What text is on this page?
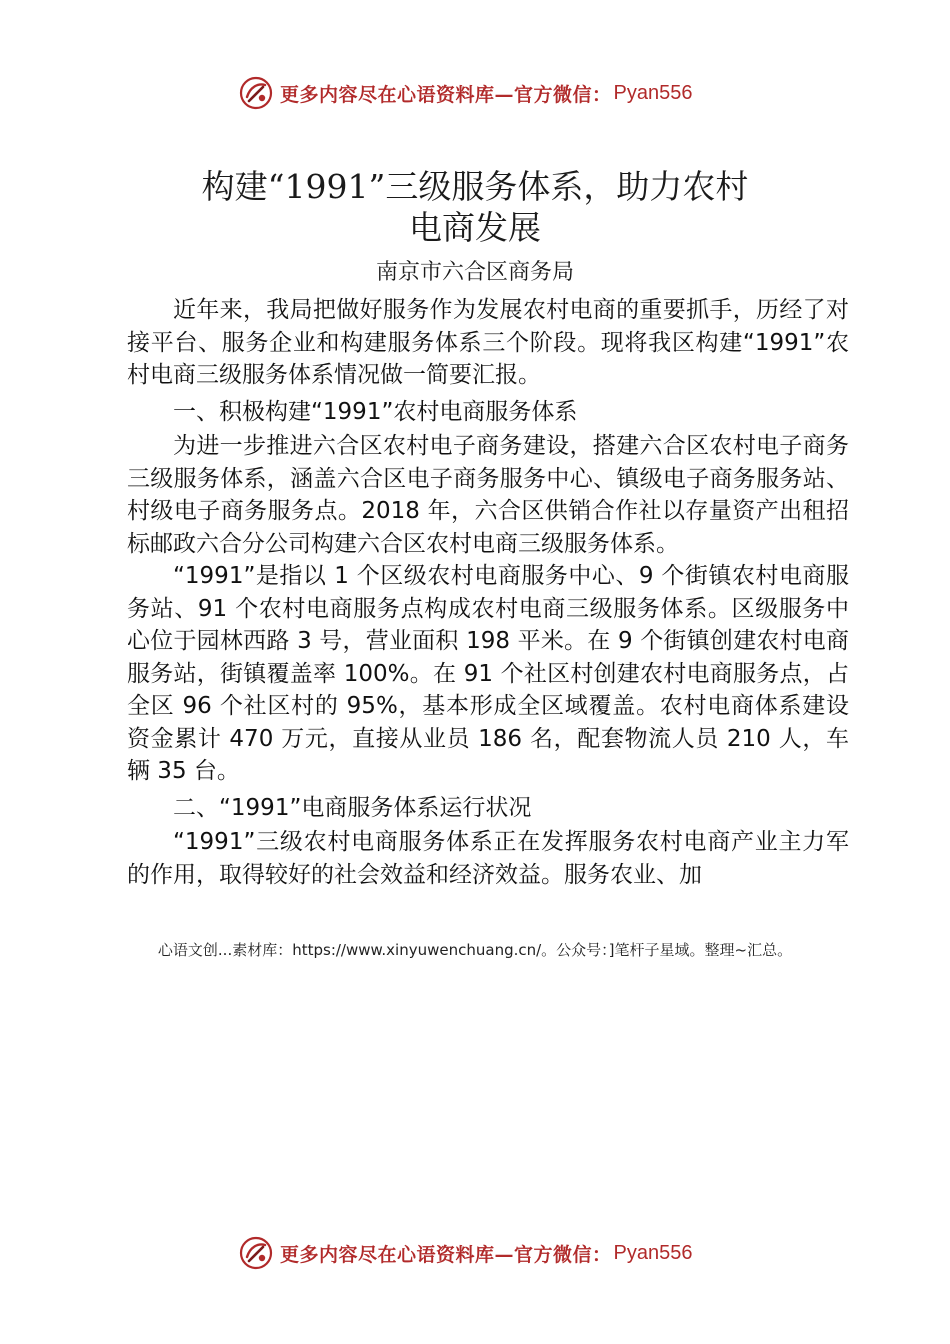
更多内容尽在心语资料库—官方微信： Pyan556
构建“1991”三级服务体系，助力农村
电商发展
南京市六合区商务局

近年来，我局把做好服务作为发展农村电商的重要抓手，历经了对接平台、服务企业和构建服务体系三个阶段。现将我区构建“1991”农村电商三级服务体系情况做一简要汇报。

一、积极构建“1991”农村电商服务体系

为进一步推进六合区农村电子商务建设，搭建六合区农村电子商务三级服务体系，涵盖六合区电子商务服务中心、镇级电子商务服务站、村级电子商务服务点。2018 年，六合区供销合作社以存量资产出租招标邮政六合分公司构建六合区农村电商三级服务体系。

“1991”是指以 1 个区级农村电商服务中心、9 个街镇农村电商服务站、91 个农村电商服务点构成农村电商三级服务体系。区级服务中心位于园林西路 3 号，营业面积 198 平米。在 9 个街镇创建农村电商服务站，街镇覆盖率 100%。在 91 个社区村创建农村电商服务点，占全区 96 个社区村的 95%，基本形成全区域覆盖。农村电商体系建设资金累计 470 万元，直接从业员 186 名，配套物流人员 210 人，车辆 35 台。

二、“1991”电商服务体系运行状况

“1991”三级农村电商服务体系正在发挥服务农村电商产业主力军的作用，取得较好的社会效益和经济效益。服务农业、加

心语文创...素材库：https://www.xinyuwenchuang.cn/。公众号：]笔杆子星域。整理~汇总。
更多内容尽在心语资料库—官方微信： Pyan556
